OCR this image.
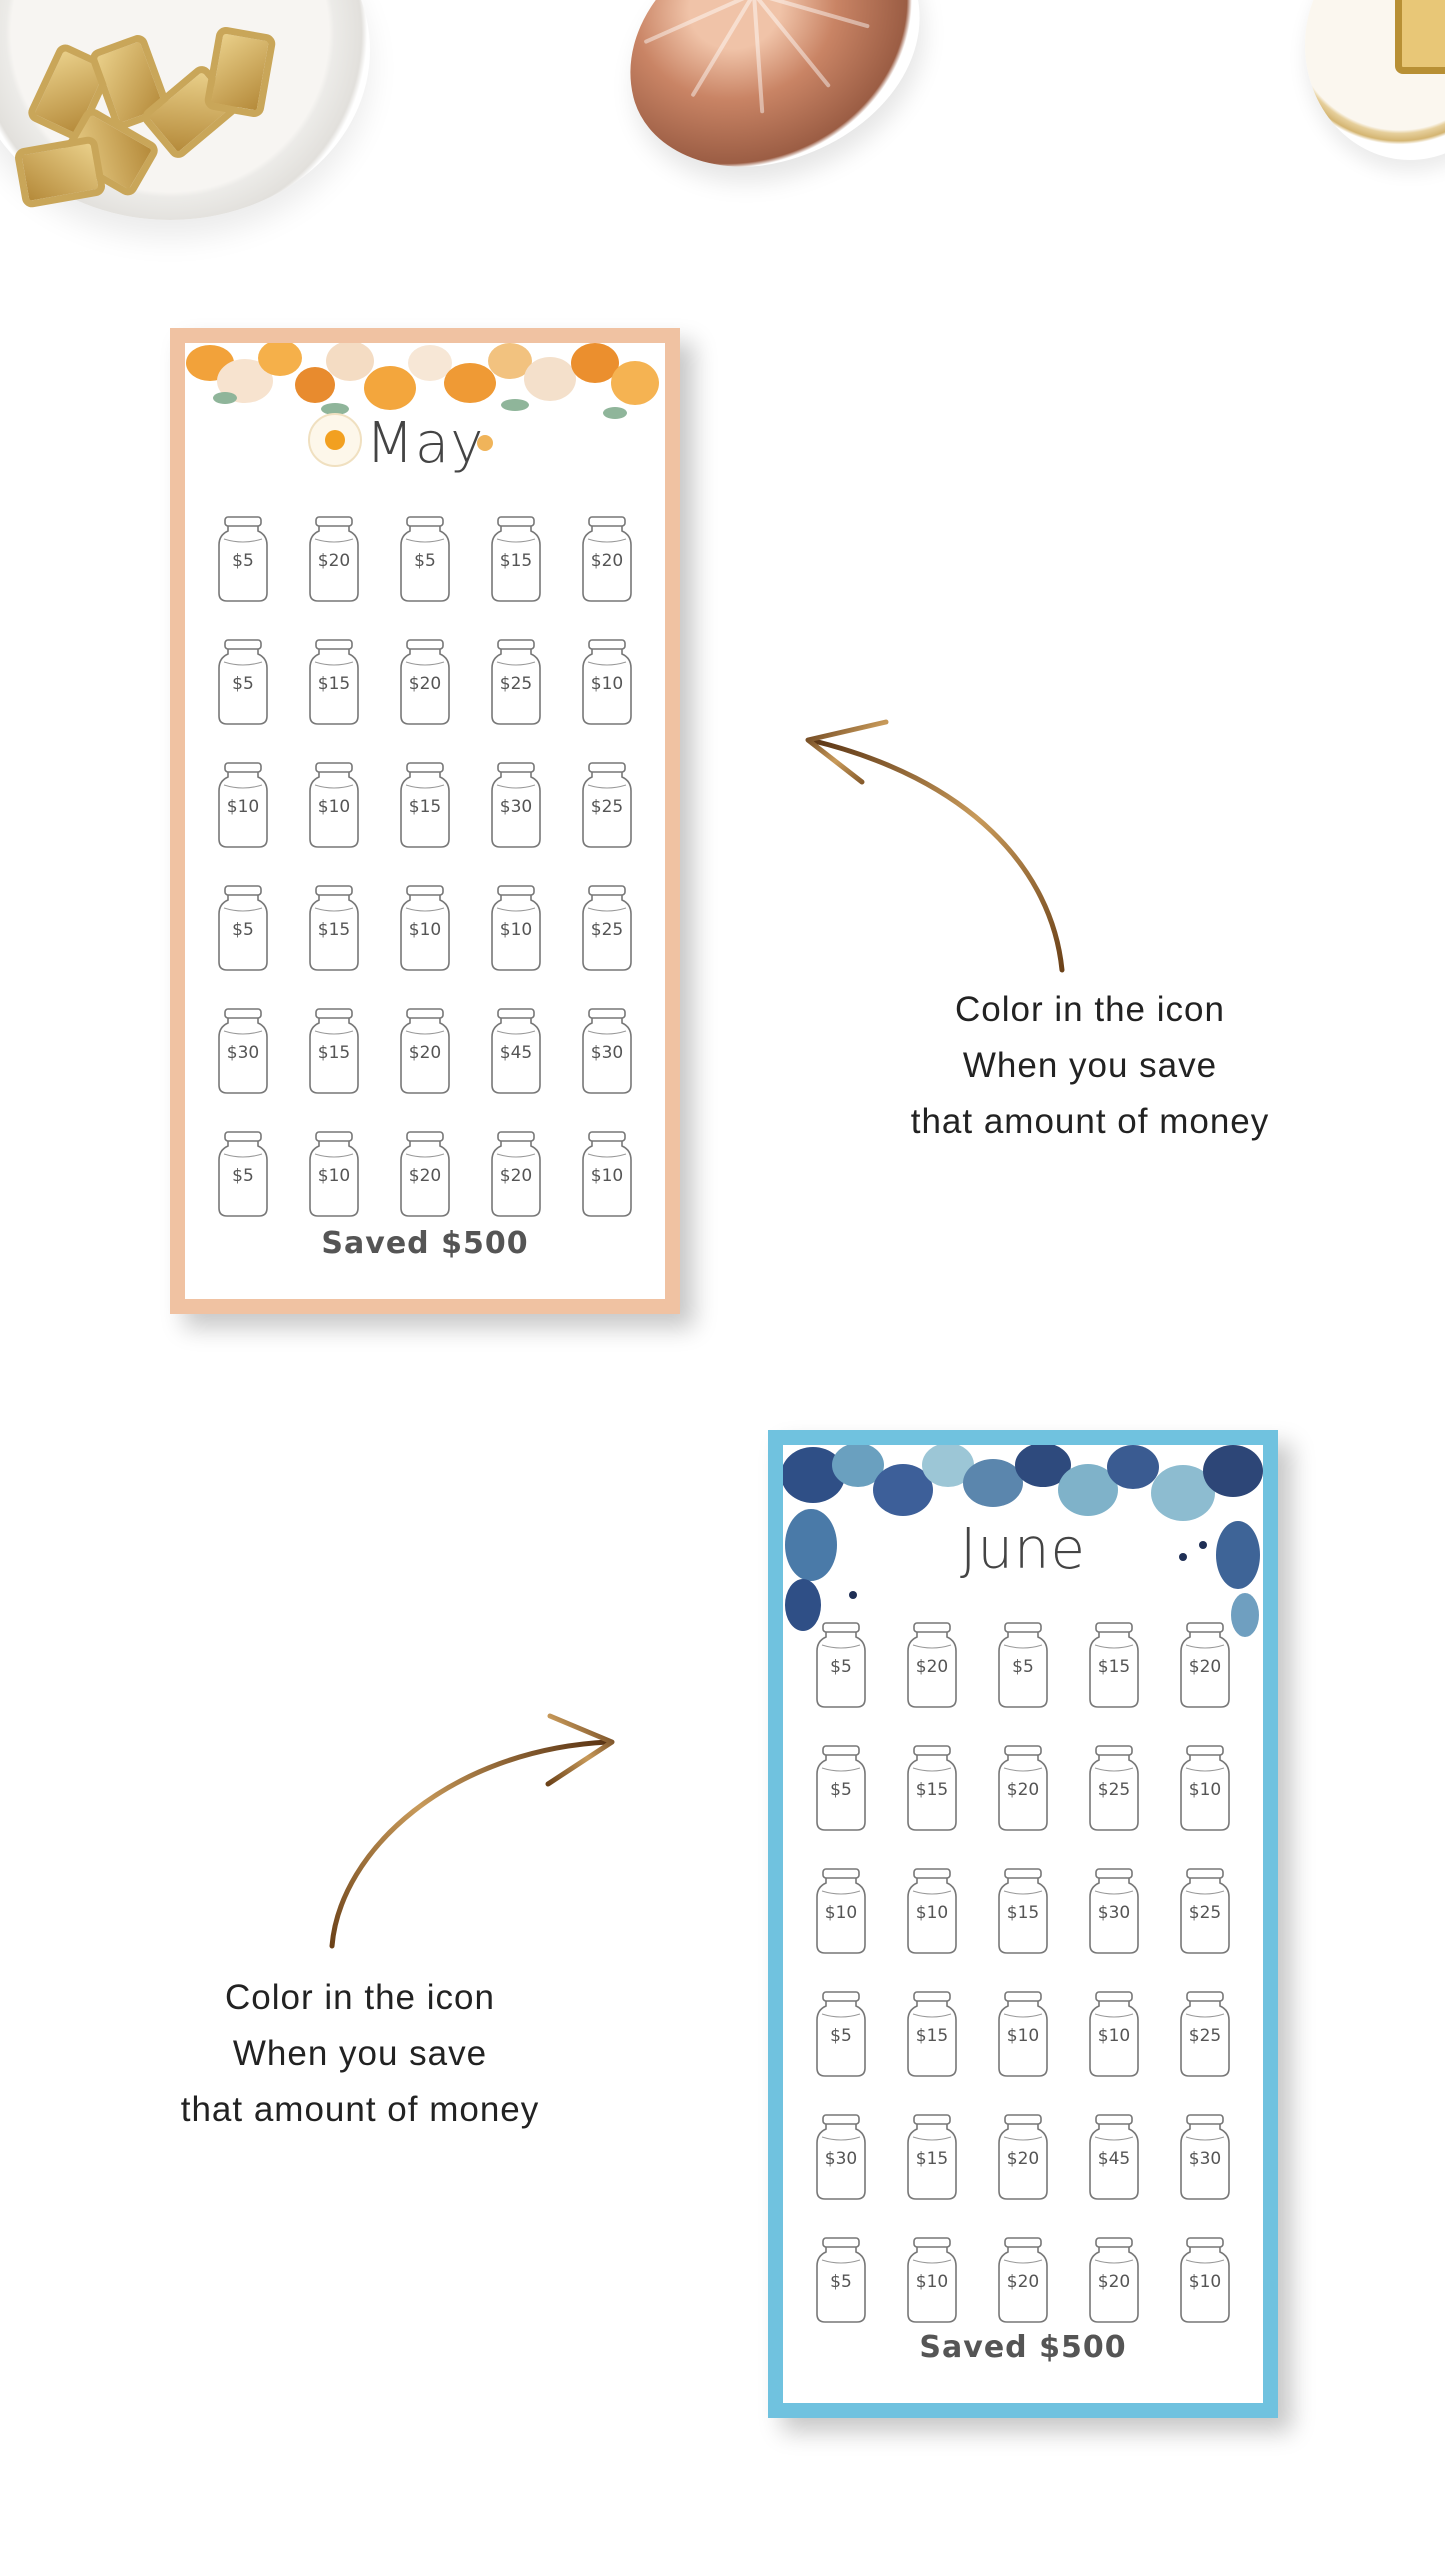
May
$5	$20	$5	$15	$20
$5	$15	$20	$25	$10
$10	$10	$15	$30	$25
$5	$15	$10	$10	$25
$30	$15	$20	$45	$30
$5	$10	$20	$20	$10
Saved $500
Color in the icon
When you save
that amount of money
Color in the icon
When you save
that amount of money
June
$5	$20	$5	$15	$20
$5	$15	$20	$25	$10
$10	$10	$15	$30	$25
$5	$15	$10	$10	$25
$30	$15	$20	$45	$30
$5	$10	$20	$20	$10
Saved $500
